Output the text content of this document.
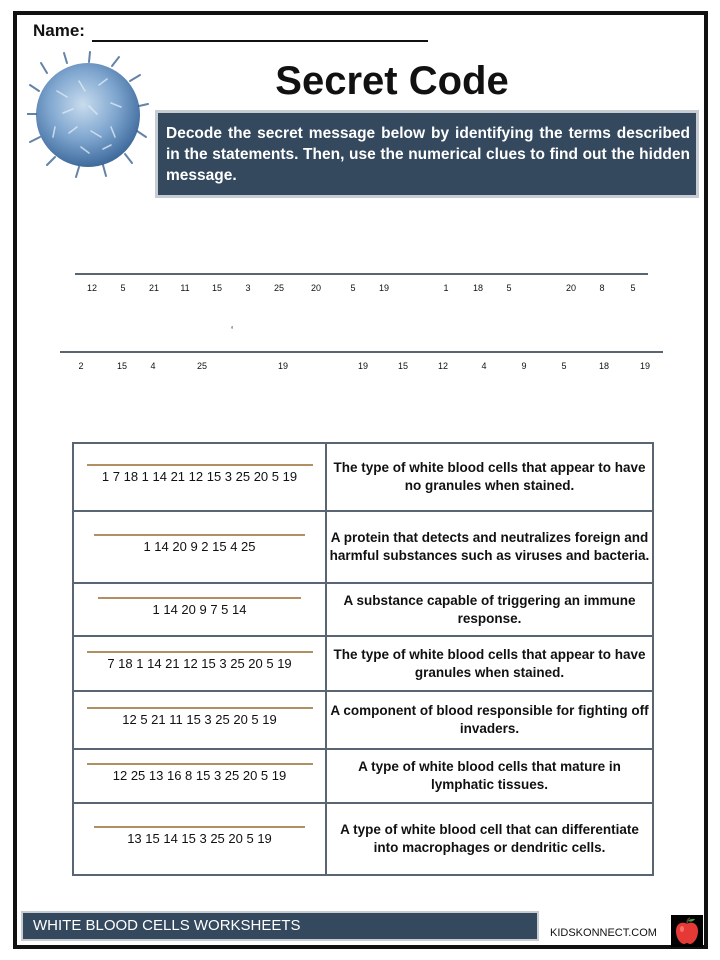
Name:
Secret Code
Decode the secret message below by identifying the terms described in the statements. Then, use the numerical clues to find out the hidden message.
12	5	21 11 15	3	25	20	5	19	1	18	5	20	8	5
‘
2	15	4	25	19	19	15	12	4	9	5	18	19
1 7 18 1 14 21 12 15 3 25 20 5 19	The type of white blood cells that appear to have no granules when stained.

1 14 20 9 2 15 4 25	A protein that detects and neutralizes foreign and harmful substances such as viruses and bacteria.

1 14 20 9 7 5 14	A substance capable of triggering an immune response.

7 18 1 14 21 12 15 3 25 20 5 19	The type of white blood cells that appear to have granules when stained.

12 5 21 11 15 3 25 20 5 19	A component of blood responsible for fighting off invaders.

12 25 13 16 8 15 3 25 20 5 19	A type of white blood cells that mature in lymphatic tissues.

13 15 14 15 3 25 20 5 19	A type of white blood cell that can differentiate into macrophages or dendritic cells.
WHITE BLOOD CELLS WORKSHEETS	KIDSKONNECT.COM
